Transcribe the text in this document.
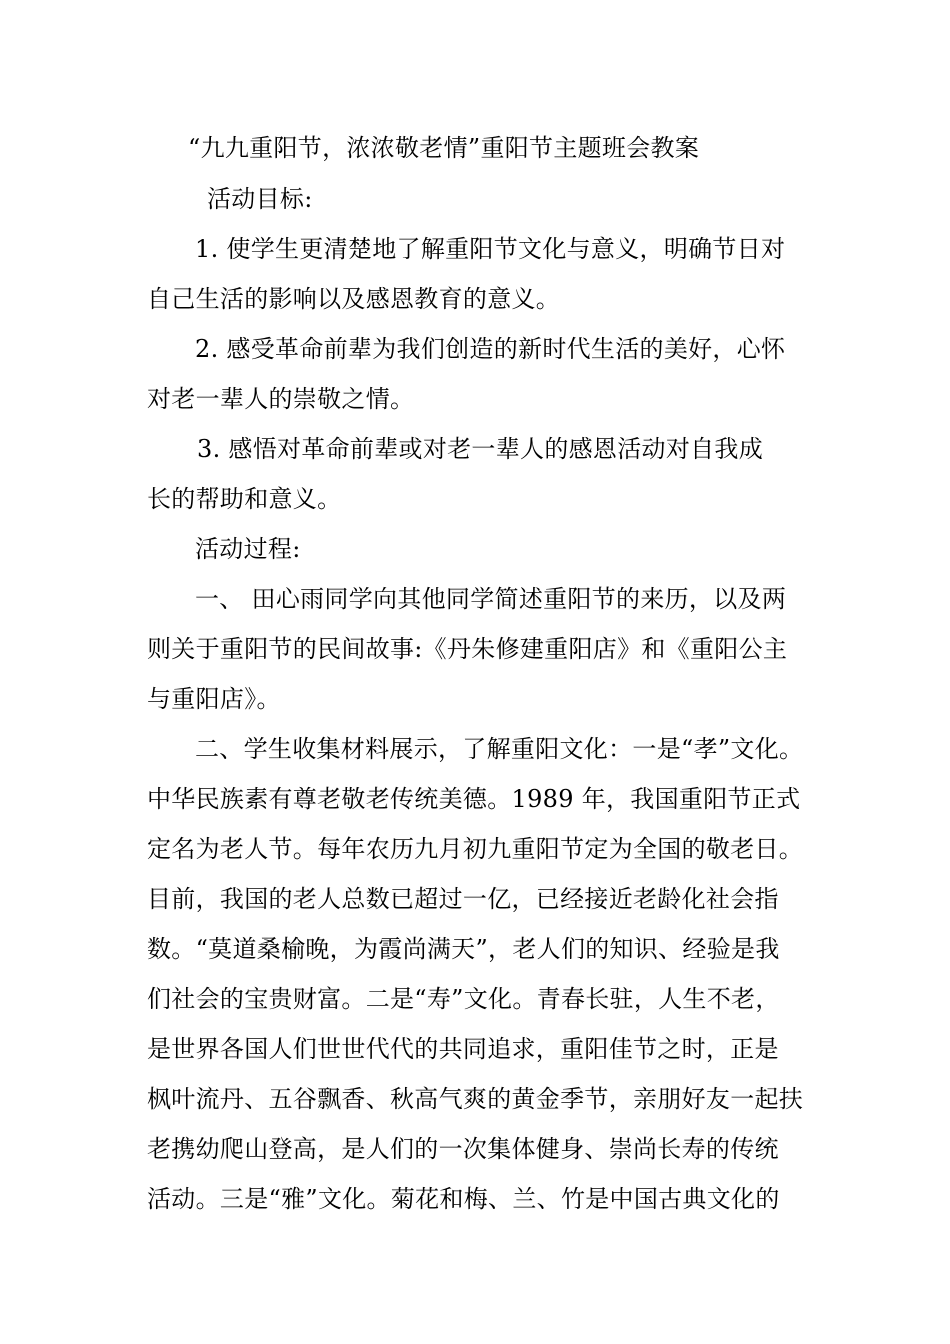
“九九重阳节，浓浓敬老情”重阳节主题班会教案
活动目标:
1. 使学生更清楚地了解重阳节文化与意义，明确节日对
自己生活的影响以及感恩教育的意义。
2. 感受革命前辈为我们创造的新时代生活的美好，心怀
对老一辈人的崇敬之情。
3. 感悟对革命前辈或对老一辈人的感恩活动对自我成
长的帮助和意义。
活动过程:
一、 田心雨同学向其他同学简述重阳节的来历，以及两
则关于重阳节的民间故事:《丹朱修建重阳店》和《重阳公主
与重阳店》。
二、学生收集材料展示，了解重阳文化：一是“孝”文化。
中华民族素有尊老敬老传统美德。1989 年，我国重阳节正式
定名为老人节。每年农历九月初九重阳节定为全国的敬老日。
目前，我国的老人总数已超过一亿，已经接近老龄化社会指
数。“莫道桑榆晚，为霞尚满天”，老人们的知识、经验是我
们社会的宝贵财富。二是“寿”文化。青春长驻，人生不老，
是世界各国人们世世代代的共同追求，重阳佳节之时，正是
枫叶流丹、五谷飘香、秋高气爽的黄金季节，亲朋好友一起扶
老携幼爬山登高，是人们的一次集体健身、崇尚长寿的传统
活动。三是“雅”文化。菊花和梅、兰、竹是中国古典文化的
